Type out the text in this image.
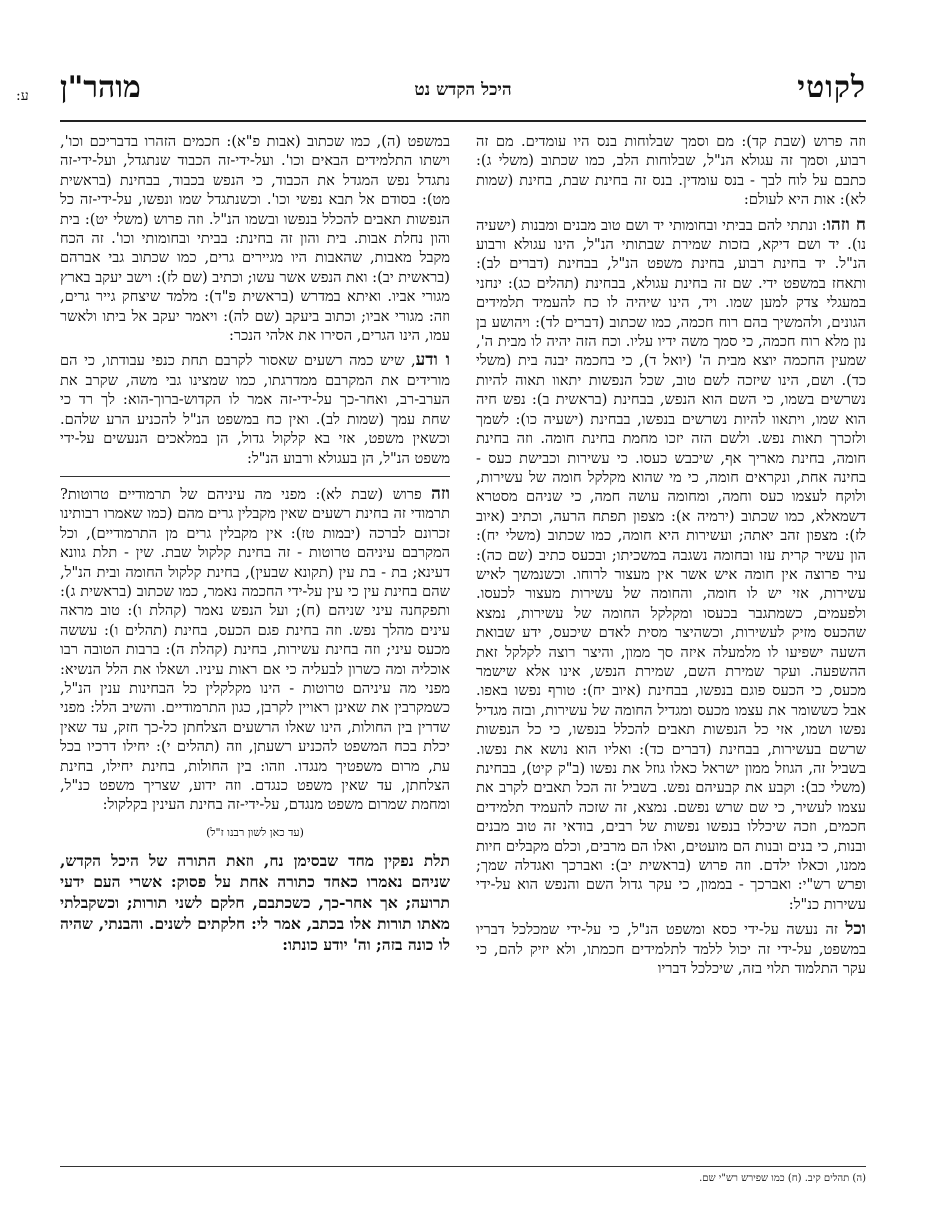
לקוטי
היכל הקדש נט
מוהר"ן
ע:

וזה פרוש (שבת קד): מם וסמך שבלוחות בנס היו עומדים. מם זה רבוע, וסמך זה עגולא הנ"ל, שבלוחות הלב, כמו שכתוב (משלי ג): כתבם על לוח לבך - בנס עומדין. בנס זה בחינת שבת, בחינת (שמות לא): אות היא לעולם:

ח וזהו: ונתתי להם בביתי ובחומותי יד ושם טוב מבנים ומבנות (ישעיה נו). יד ושם דיקא, בזכות שמירת שבתותי הנ"ל, הינו עגולא ורבוע הנ"ל. יד בחינת רבוע, בחינת משפט הנ"ל, בבחינת (דברים לב): ותאחז במשפט ידי. שם זה בחינת עגולא, בבחינת (תהלים כג): ינחני במעגלי צדק למען שמו. ויד, הינו שיהיה לו כח להעמיד תלמידים הגונים, ולהמשיך בהם רוח חכמה, כמו שכתוב (דברים לד): ויהושע בן נון מלא רוח חכמה, כי סמך משה ידיו עליו. וכח הזה יהיה לו מבית ה', שמעין החכמה יוצא מבית ה' (יואל ד), כי בחכמה יבנה בית (משלי כד). ושם, הינו שיזכה לשם טוב, שכל הנפשות יתאוו תאוה להיות נשרשים בשמו, כי השם הוא הנפש, בבחינת (בראשית ב): נפש חיה הוא שמו, ויתאוו להיות נשרשים בנפשו, בבחינת (ישעיה כו): לשמך ולזכרך תאות נפש. ולשם הזה יזכו מחמת בחינת חומה. וזה בחינת חומה, בחינת מאריך אף, שיכבש כעסו. כי עשירות וכבישת כעס - בחינה אחת, ונקראים חומה, כי מי שהוא מקלקל חומה של עשירות, ולוקח לעצמו כעס וחמה, ומחומה עושה חמה, כי שניהם מסטרא דשמאלא, כמו שכתוב (ירמיה א): מצפון תפתח הרעה, וכתיב (איוב לז): מצפון זהב יאתה; ועשירות היא חומה, כמו שכתוב (משלי יח): הון עשיר קרית עזו ובחומה נשגבה במשכיתו; ובכעס כתיב (שם כה): עיר פרוצה אין חומה איש אשר אין מעצור לרוחו. וכשנמשך לאיש עשירות, אזי יש לו חומה, והחומה של עשירות מעצור לכעסו. ולפעמים, כשמתגבר בכעסו ומקלקל החומה של עשירות, נמצא שהכעס מזיק לעשירות, וכשהיצר מסית לאדם שיכעס, ידע שבואת השעה ישפיעו לו מלמעלה איזה סך ממון, והיצר רוצה לקלקל זאת ההשפעה. ועקר שמירת השם, שמירת הנפש, אינו אלא שישמר מכעס, כי הכעס פוגם בנפשו, בבחינת (איוב יח): טורף נפשו באפו. אבל כששומר את עצמו מכעס ומגדיל החומה של עשירות, ובזה מגדיל נפשו ושמו, אזי כל הנפשות תאבים להכלל בנפשו, כי כל הנפשות שרשם בעשירות, בבחינת (דברים כד): ואליו הוא נושא את נפשו. בשביל זה, הגוזל ממון ישראל כאלו גוזל את נפשו (ב"ק קיט), בבחינת (משלי כב): וקבע את קבעיהם נפש. בשביל זה הכל תאבים לקרב את עצמו לעשיר, כי שם שרש נפשם. נמצא, זה שזכה להעמיד תלמידים חכמים, וזכה שיכללו בנפשו נפשות של רבים, בודאי זה טוב מבנים ובנות, כי בנים ובנות הם מועטים, ואלו הם מרבים, וכלם מקבלים חיות ממנו, וכאלו ילדם. וזה פרוש (בראשית יב): ואברכך ואגדלה שמך; ופרש רש"י: ואברכך - בממון, כי עקר גדול השם והנפש הוא על-ידי עשירות כנ"ל:

וכל זה נעשה על-ידי כסא ומשפט הנ"ל, כי על-ידי שמכלכל דבריו במשפט, על-ידי זה יכול ללמד לתלמידים חכמתו, ולא יזיק להם, כי עקר התלמוד תלוי בזה, שיכלכל דבריו

במשפט (ה), כמו שכתוב (אבות פ"א): חכמים הזהרו בדבריכם וכו', וישתו התלמידים הבאים וכו'. ועל-ידי-זה הכבוד שנתגדל, ועל-ידי-זה נתגדל נפש המגדל את הכבוד, כי הנפש בכבוד, בבחינת (בראשית מט): בסודם אל תבא נפשי וכו'. וכשנתגדל שמו ונפשו, על-ידי-זה כל הנפשות תאבים להכלל בנפשו ובשמו הנ"ל. וזה פרוש (משלי יט): בית והון נחלת אבות. בית והון זה בחינת: בביתי ובחומותי וכו'. זה הכח מקבל מאבות, שהאבות היו מגיירים גרים, כמו שכתוב גבי אברהם (בראשית יב): ואת הנפש אשר עשו; וכתיב (שם לז): וישב יעקב בארץ מגורי אביו. ואיתא במדרש (בראשית פ"ד): מלמד שיצחק גייר גרים, וזה: מגורי אביו; וכתוב ביעקב (שם לה): ויאמר יעקב אל ביתו ולאשר עמו, הינו הגרים, הסירו את אלהי הנכר:

ו ודע, שיש כמה רשעים שאסור לקרבם תחת כנפי עבודתו, כי הם מורידים את המקרבם ממדרגתו, כמו שמצינו גבי משה, שקרב את הערב-רב, ואחר-כך על-ידי-זה אמר לו הקדוש-ברוך-הוא: לך רד כי שחת עמך (שמות לב). ואין כח במשפט הנ"ל להכניע הרע שלהם. וכשאין משפט, אזי בא קלקול גדול, הן במלאכים הנעשים על-ידי משפט הנ"ל, הן בעגולא ורבוע הנ"ל:

וזה פרוש (שבת לא): מפני מה עיניהם של תרמודיים טרוטות? תרמודי זה בחינת רשעים שאין מקבלין גרים מהם (כמו שאמרו רבותינו זכרונם לברכה (יבמות טז): אין מקבלין גרים מן התרמודיים), וכל המקרבם עיניהם טרוטות - זה בחינת קלקול שבת. שין - תלת גוונא דעינא; בת - בת עין (תקונא שבעין), בחינת קלקול החומה ובית הנ"ל, שהם בחינת עין כי עין על-ידי החכמה נאמר, כמו שכתוב (בראשית ג): ותפקחנה עיני שניהם (ח); ועל הנפש נאמר (קהלת ו): טוב מראה עינים מהלך נפש. וזה בחינת פגם הכעס, בחינת (תהלים ו): עששה מכעס עיני; וזה בחינת עשירות, בחינת (קהלת ה): ברבות הטובה רבו אוכליה ומה כשרון לבעליה כי אם ראות עיניו. ושאלו את הלל הנשיא: מפני מה עיניהם טרוטות - הינו מקלקלין כל הבחינות ענין הנ"ל, כשמקרבין את שאינן ראויין לקרבן, כגון התרמודיים. והשיב הלל: מפני שדרין בין החולות, הינו שאלו הרשעים הצלחתן כל-כך חזק, עד שאין יכלת בכח המשפט להכניע רשעתן, וזה (תהלים י): יחילו דרכיו בכל עת, מרום משפטיך מנגדו. וזהו: בין החולות, בחינת יחילו, בחינת הצלחתן, עד שאין משפט כנגדם. וזה ידוע, שצריך משפט כנ"ל, ומחמת שמרום משפט מנגדם, על-ידי-זה בחינת העינין בקלקול:

(עד כאן לשון רבנו ז"ל)

תלת נפקין מחד שבסימן נח, וזאת התורה של היכל הקדש, שניהם נאמרו כאחד כתורה אחת על פסוק: אשרי העם ידעי תרועה; אך אחר-כך, כשכתבם, חלקם לשני תורות; וכשקבלתי מאתו תורות אלו בכתב, אמר לי: חלקתים לשנים. והבנתי, שהיה לו כונה בזה; וה' יודע כונתו:

(ה) תהלים קיב. (ח) כמו שפירש רש"י שם.
